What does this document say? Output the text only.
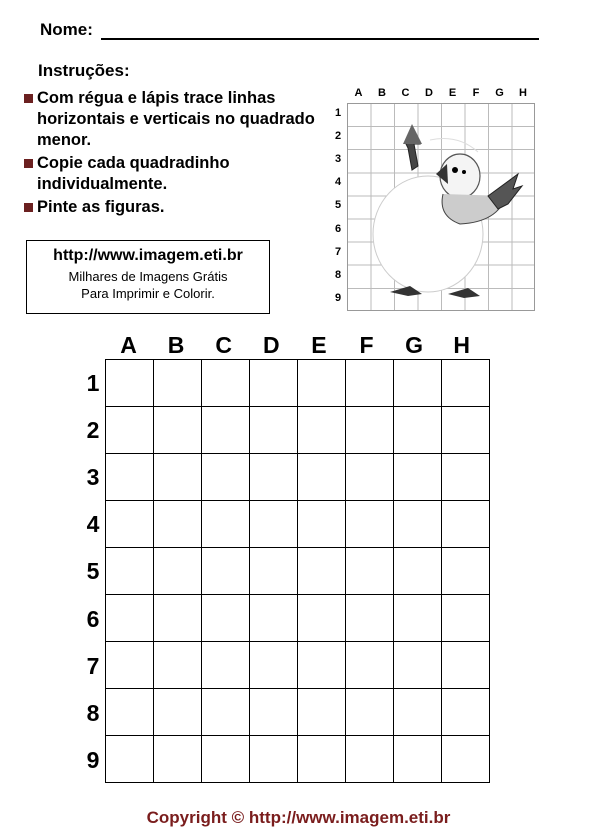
Nome:
Instruções:
Com régua e lápis trace linhas horizontais e verticais no quadrado menor.
Copie cada quadradinho individualmente.
Pinte as figuras.
http://www.imagem.eti.br
Milhares de Imagens Grátis
Para Imprimir e Colorir.
A	B	C	D	E	F	G	H
1
2
3
4
5
6
7
8
9
A	B	C	D	E	F	G	H
1
2
3
4
5
6
7
8
9

Copyright © http://www.imagem.eti.br
